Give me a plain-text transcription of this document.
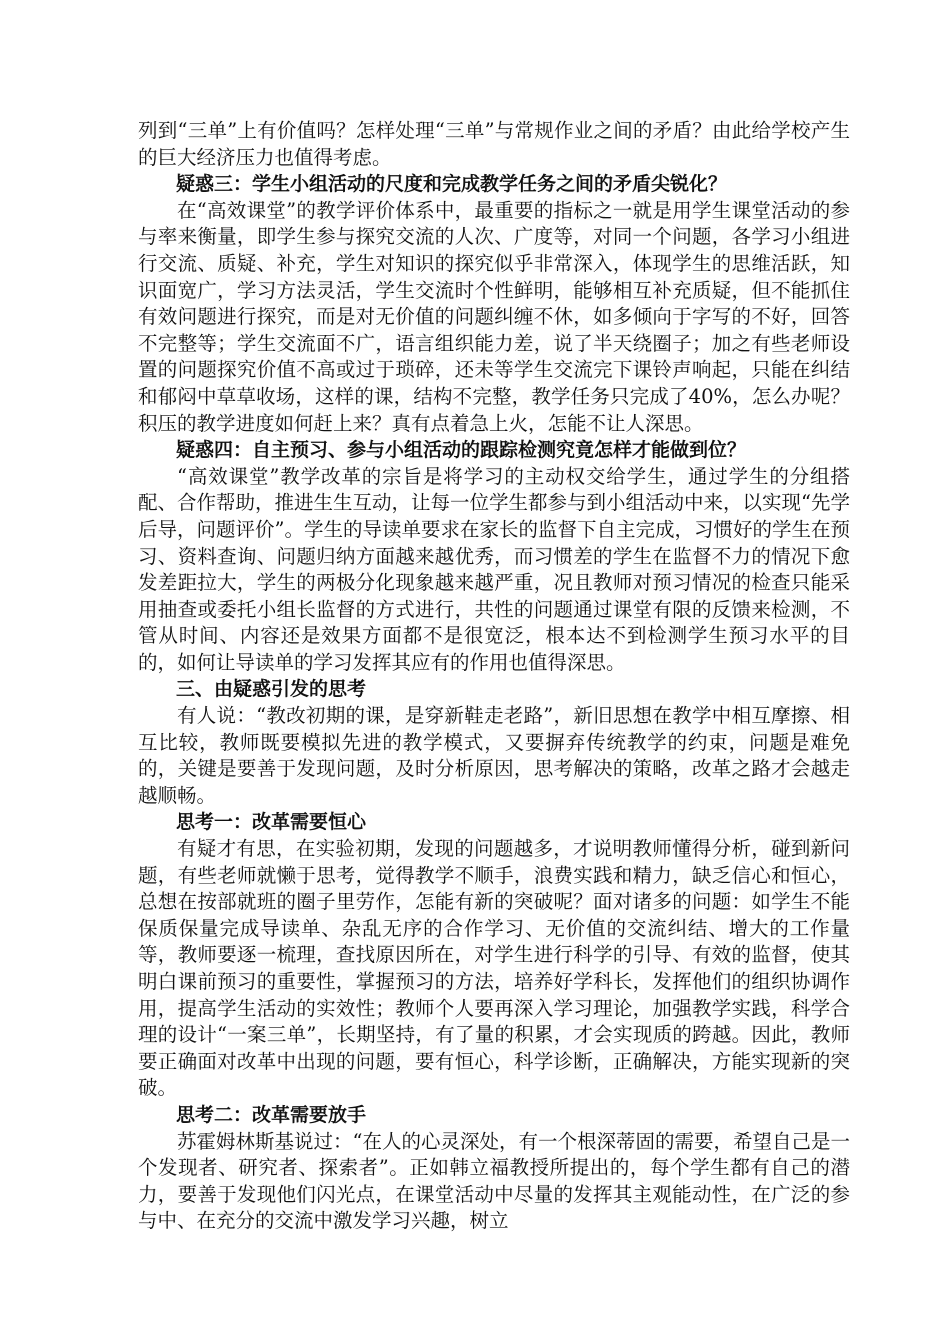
列到“三单”上有价值吗？怎样处理“三单”与常规作业之间的矛盾？由此给学校产生的巨大经济压力也值得考虑。

疑惑三：学生小组活动的尺度和完成教学任务之间的矛盾尖锐化？

在“高效课堂”的教学评价体系中，最重要的指标之一就是用学生课堂活动的参与率来衡量，即学生参与探究交流的人次、广度等，对同一个问题，各学习小组进行交流、质疑、补充，学生对知识的探究似乎非常深入，体现学生的思维活跃，知识面宽广，学习方法灵活，学生交流时个性鲜明，能够相互补充质疑，但不能抓住有效问题进行探究，而是对无价值的问题纠缠不休，如多倾向于字写的不好，回答不完整等；学生交流面不广，语言组织能力差，说了半天绕圈子；加之有些老师设置的问题探究价值不高或过于琐碎，还未等学生交流完下课铃声响起，只能在纠结和郁闷中草草收场，这样的课，结构不完整，教学任务只完成了40%，怎么办呢？积压的教学进度如何赶上来？真有点着急上火，怎能不让人深思。

疑惑四：自主预习、参与小组活动的跟踪检测究竟怎样才能做到位？

“高效课堂”教学改革的宗旨是将学习的主动权交给学生，通过学生的分组搭配、合作帮助，推进生生互动，让每一位学生都参与到小组活动中来，以实现“先学后导，问题评价”。学生的导读单要求在家长的监督下自主完成，习惯好的学生在预习、资料查询、问题归纳方面越来越优秀，而习惯差的学生在监督不力的情况下愈发差距拉大，学生的两极分化现象越来越严重，况且教师对预习情况的检查只能采用抽查或委托小组长监督的方式进行，共性的问题通过课堂有限的反馈来检测，不管从时间、内容还是效果方面都不是很宽泛，根本达不到检测学生预习水平的目的，如何让导读单的学习发挥其应有的作用也值得深思。

三、由疑惑引发的思考

有人说：“教改初期的课，是穿新鞋走老路”，新旧思想在教学中相互摩擦、相互比较，教师既要模拟先进的教学模式，又要摒弃传统教学的约束，问题是难免的，关键是要善于发现问题，及时分析原因，思考解决的策略，改革之路才会越走越顺畅。

思考一：改革需要恒心

有疑才有思，在实验初期，发现的问题越多，才说明教师懂得分析，碰到新问题，有些老师就懒于思考，觉得教学不顺手，浪费实践和精力，缺乏信心和恒心，总想在按部就班的圈子里劳作，怎能有新的突破呢？面对诸多的问题：如学生不能保质保量完成导读单、杂乱无序的合作学习、无价值的交流纠结、增大的工作量等，教师要逐一梳理，查找原因所在，对学生进行科学的引导、有效的监督，使其明白课前预习的重要性，掌握预习的方法，培养好学科长，发挥他们的组织协调作用，提高学生活动的实效性；教师个人要再深入学习理论，加强教学实践，科学合理的设计“一案三单”，长期坚持，有了量的积累，才会实现质的跨越。因此，教师要正确面对改革中出现的问题，要有恒心，科学诊断，正确解决，方能实现新的突破。

思考二：改革需要放手

苏霍姆林斯基说过：“在人的心灵深处，有一个根深蒂固的需要，希望自己是一个发现者、研究者、探索者”。正如韩立福教授所提出的，每个学生都有自己的潜力，要善于发现他们闪光点，在课堂活动中尽量的发挥其主观能动性，在广泛的参与中、在充分的交流中激发学习兴趣，树立
